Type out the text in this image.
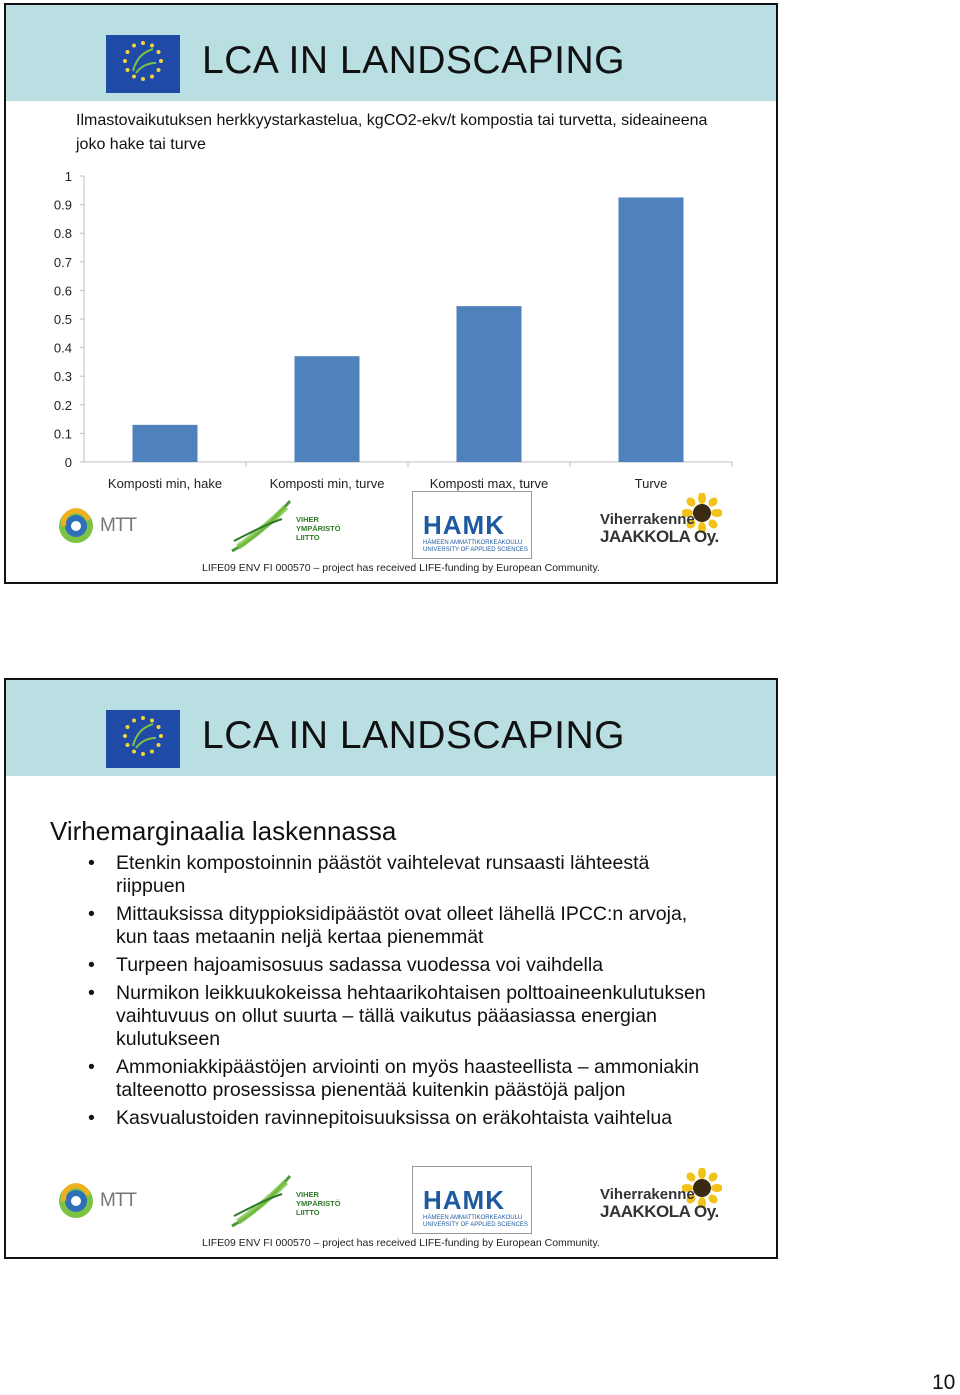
LCA IN LANDSCAPING
Ilmastovaikutuksen herkkyystarkastelua, kgCO2-ekv/t kompostia tai turvetta, sideaineena joko hake tai turve
0
0.1
0.2
0.3
0.4
0.5
0.6
0.7
0.8
0.9
1
Komposti min, hake	Komposti min, turve	Komposti max, turve	Turve
MTT	VIHER YMPÄRISTÖ LIITTO	HAMK
HÄMEEN AMMATTIKORKEAKOULU UNIVERSITY OF APPLIED SCIENCES
Viherrakenne
JAAKKOLA Oy.
LIFE09 ENV FI 000570 – project has received LIFE-funding by European Community.
LCA IN LANDSCAPING
Virhemarginaalia laskennassa
• Etenkin kompostoinnin päästöt vaihtelevat runsaasti lähteestä riippuen
• Mittauksissa dityppioksidipäästöt ovat olleet lähellä IPCC:n arvoja, kun taas metaanin neljä kertaa pienemmät
• Turpeen hajoamisosuus sadassa vuodessa voi vaihdella
• Nurmikon leikkuukokeissa hehtaarikohtaisen polttoaineenkulutuksen vaihtuvuus on ollut suurta – tällä vaikutus pääasiassa energian kulutukseen
• Ammoniakkipäästöjen arviointi on myös haasteellista – ammoniakin talteenotto prosessissa pienentää kuitenkin päästöjä paljon
• Kasvualustoiden ravinnepitoisuuksissa on eräkohtaista vaihtelua
MTT	VIHER YMPÄRISTÖ LIITTO	HAMK
HÄMEEN AMMATTIKORKEAKOULU UNIVERSITY OF APPLIED SCIENCES
Viherrakenne
JAAKKOLA Oy.
LIFE09 ENV FI 000570 – project has received LIFE-funding by European Community.
10
